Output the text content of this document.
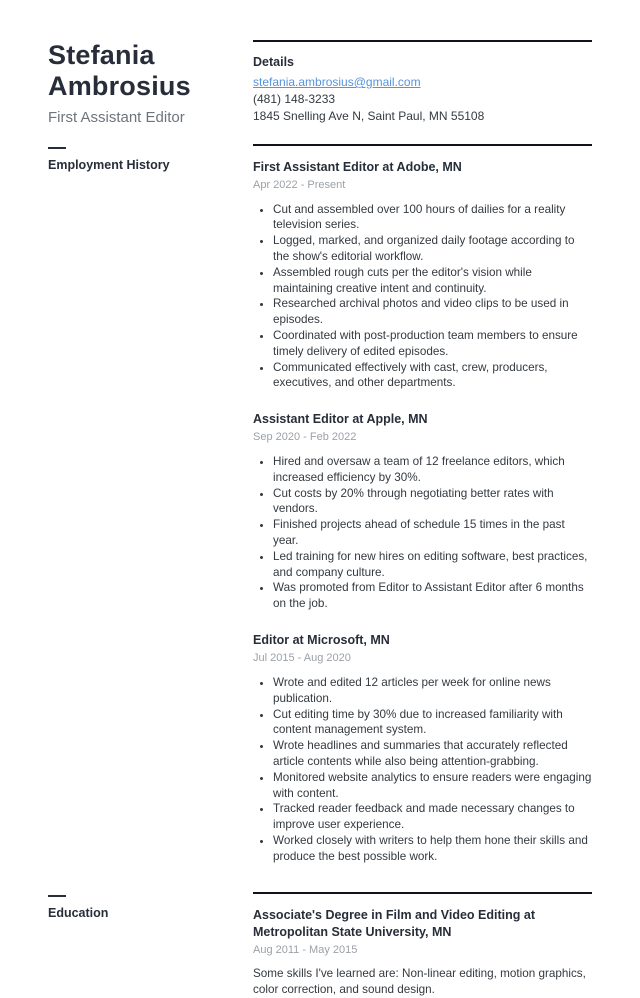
Stefania Ambrosius
First Assistant Editor
Details
stefania.ambrosius@gmail.com
(481) 148-3233
1845 Snelling Ave N, Saint Paul, MN 55108
Employment History	First Assistant Editor at Adobe, MN
Apr 2022 - Present
• Cut and assembled over 100 hours of dailies for a reality television series.
• Logged, marked, and organized daily footage according to the show's editorial workflow.
• Assembled rough cuts per the editor's vision while maintaining creative intent and continuity.
• Researched archival photos and video clips to be used in episodes.
• Coordinated with post-production team members to ensure timely delivery of edited episodes.
• Communicated effectively with cast, crew, producers, executives, and other departments.
Assistant Editor at Apple, MN
Sep 2020 - Feb 2022
• Hired and oversaw a team of 12 freelance editors, which increased efficiency by 30%.
• Cut costs by 20% through negotiating better rates with vendors.
• Finished projects ahead of schedule 15 times in the past year.
• Led training for new hires on editing software, best practices, and company culture.
• Was promoted from Editor to Assistant Editor after 6 months on the job.
Editor at Microsoft, MN
Jul 2015 - Aug 2020
• Wrote and edited 12 articles per week for online news publication.
• Cut editing time by 30% due to increased familiarity with content management system.
• Wrote headlines and summaries that accurately reflected article contents while also being attention-grabbing.
• Monitored website analytics to ensure readers were engaging with content.
• Tracked reader feedback and made necessary changes to improve user experience.
• Worked closely with writers to help them hone their skills and produce the best possible work.
Education	Associate's Degree in Film and Video Editing at Metropolitan State University, MN
Aug 2011 - May 2015
Some skills I've learned are: Non-linear editing, motion graphics, color correction, and sound design.
